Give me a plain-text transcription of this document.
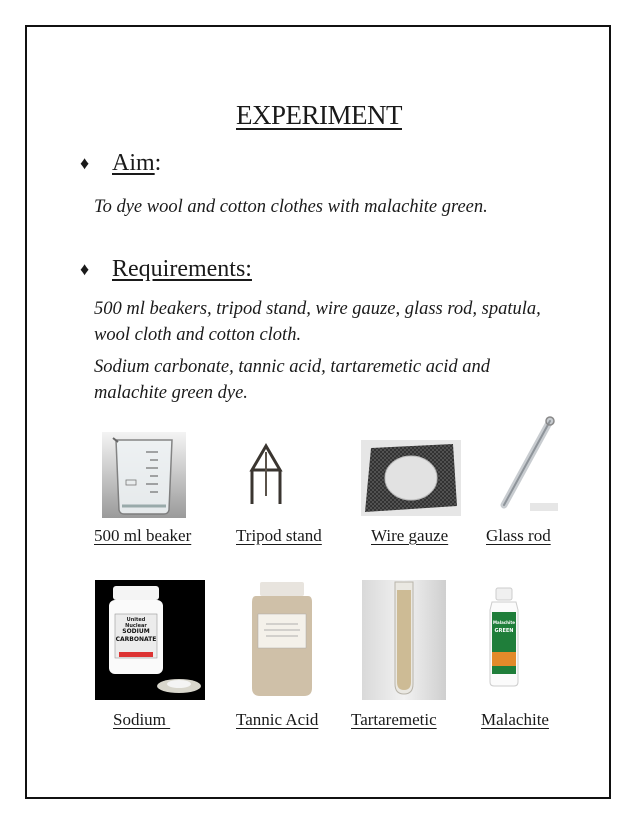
EXPERIMENT
♦ Aim :
To dye wool and cotton clothes with malachite green.
♦ Requirements:
500 ml beakers, tripod stand, wire gauze, glass rod, spatula, wool cloth and cotton cloth.
Sodium carbonate, tannic acid, tartaremetic acid and malachite green dye.
500 ml beaker	Tripod stand	Wire gauze Glass rod
United Nuclear
SODIUM
CARBONATE
Malachite
GREEN
Sodium	Tannic Acid Tartaremetic	Malachite
